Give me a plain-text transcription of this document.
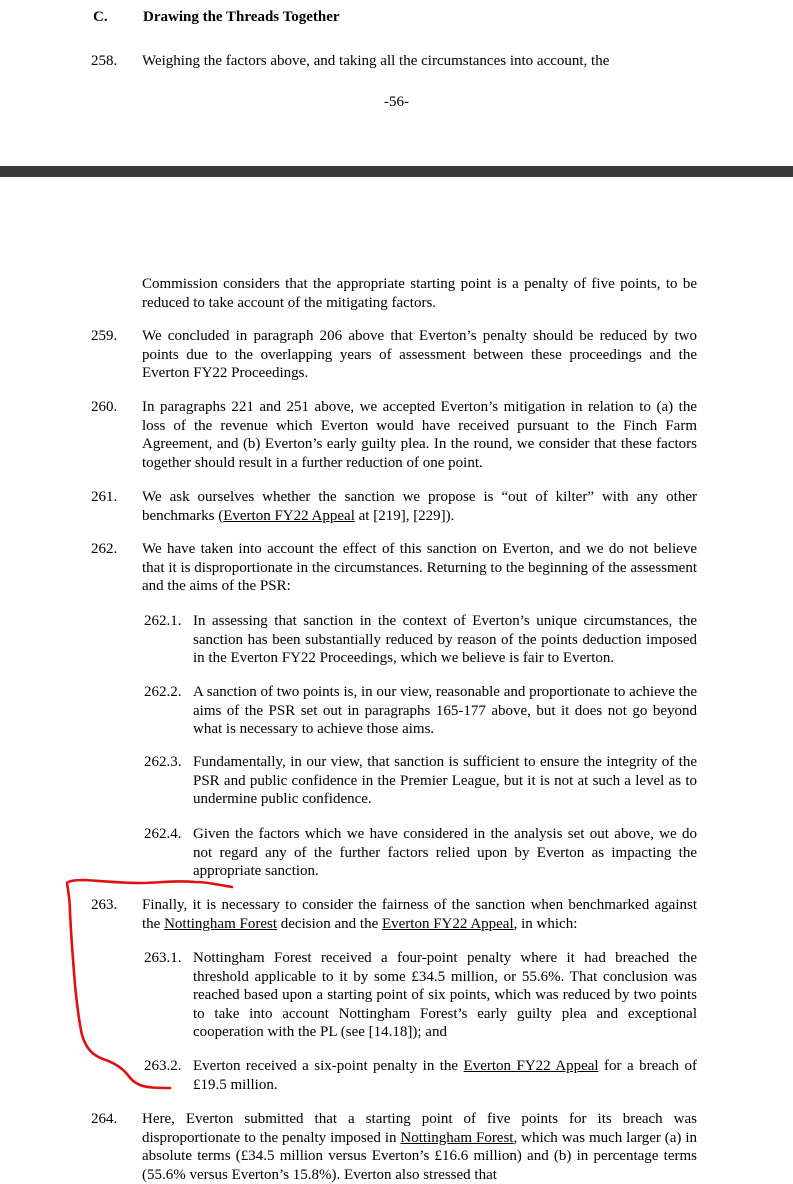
C. Drawing the Threads Together
258. Weighing the factors above, and taking all the circumstances into account, the
-56-
Commission considers that the appropriate starting point is a penalty of five points, to be reduced to take account of the mitigating factors.
259. We concluded in paragraph 206 above that Everton’s penalty should be reduced by two points due to the overlapping years of assessment between these proceedings and the Everton FY22 Proceedings.
260. In paragraphs 221 and 251 above, we accepted Everton’s mitigation in relation to (a) the loss of the revenue which Everton would have received pursuant to the Finch Farm Agreement, and (b) Everton’s early guilty plea. In the round, we consider that these factors together should result in a further reduction of one point.
261. We ask ourselves whether the sanction we propose is “out of kilter” with any other benchmarks (Everton FY22 Appeal at [219], [229]).
262. We have taken into account the effect of this sanction on Everton, and we do not believe that it is disproportionate in the circumstances. Returning to the beginning of the assessment and the aims of the PSR:
262.1. In assessing that sanction in the context of Everton’s unique circumstances, the sanction has been substantially reduced by reason of the points deduction imposed in the Everton FY22 Proceedings, which we believe is fair to Everton.
262.2. A sanction of two points is, in our view, reasonable and proportionate to achieve the aims of the PSR set out in paragraphs 165-177 above, but it does not go beyond what is necessary to achieve those aims.
262.3. Fundamentally, in our view, that sanction is sufficient to ensure the integrity of the PSR and public confidence in the Premier League, but it is not at such a level as to undermine public confidence.
262.4. Given the factors which we have considered in the analysis set out above, we do not regard any of the further factors relied upon by Everton as impacting the appropriate sanction.
263. Finally, it is necessary to consider the fairness of the sanction when benchmarked against the Nottingham Forest decision and the Everton FY22 Appeal, in which:
263.1. Nottingham Forest received a four-point penalty where it had breached the threshold applicable to it by some £34.5 million, or 55.6%. That conclusion was reached based upon a starting point of six points, which was reduced by two points to take into account Nottingham Forest’s early guilty plea and exceptional cooperation with the PL (see [14.18]); and
263.2. Everton received a six-point penalty in the Everton FY22 Appeal for a breach of £19.5 million.
264. Here, Everton submitted that a starting point of five points for its breach was disproportionate to the penalty imposed in Nottingham Forest, which was much larger (a) in absolute terms (£34.5 million versus Everton’s £16.6 million) and (b) in percentage terms (55.6% versus Everton’s 15.8%). Everton also stressed that
